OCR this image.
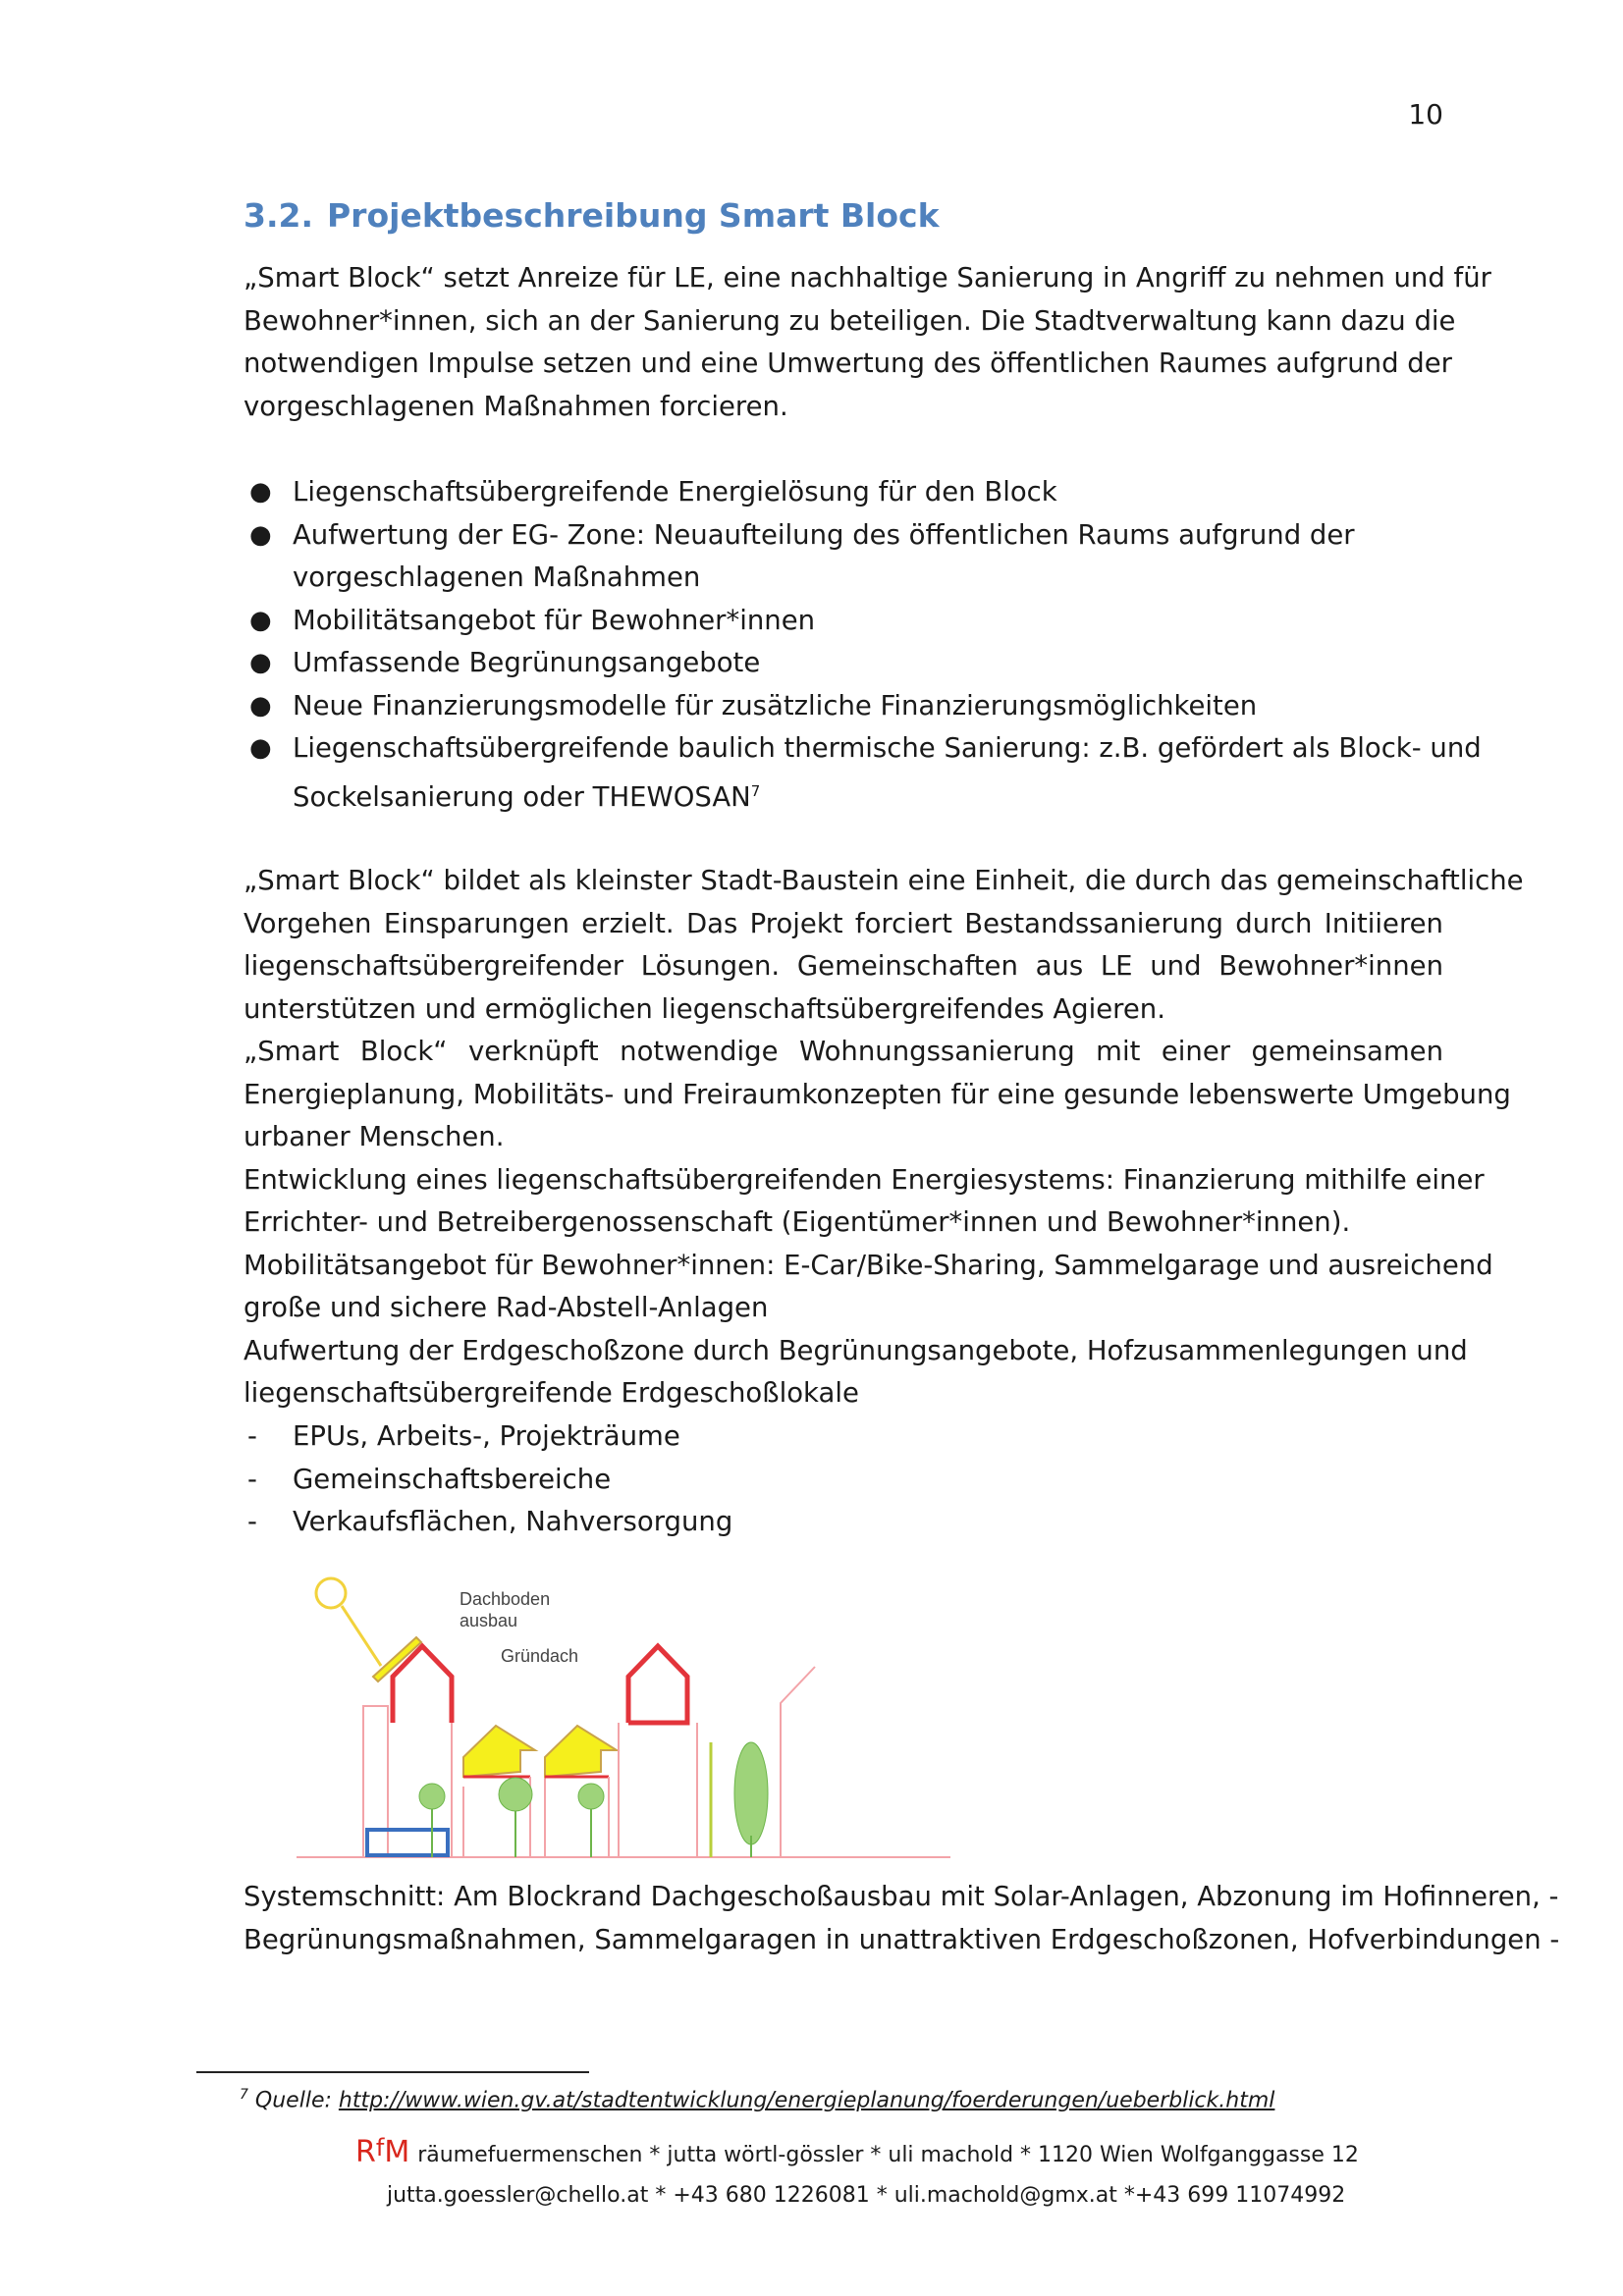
10
3.2. Projektbeschreibung Smart Block
„Smart Block“ setzt Anreize für LE, eine nachhaltige Sanierung in Angriff zu nehmen und für
Bewohner*innen, sich an der Sanierung zu beteiligen. Die Stadtverwaltung kann dazu die
notwendigen Impulse setzen und eine Umwertung des öffentlichen Raumes aufgrund der
vorgeschlagenen Maßnahmen forcieren.
● Liegenschaftsübergreifende Energielösung für den Block
● Aufwertung der EG- Zone: Neuaufteilung des öffentlichen Raums aufgrund der
vorgeschlagenen Maßnahmen
● Mobilitätsangebot für Bewohner*innen
● Umfassende Begrünungsangebote
● Neue Finanzierungsmodelle für zusätzliche Finanzierungsmöglichkeiten
● Liegenschaftsübergreifende baulich thermische Sanierung: z.B. gefördert als Block- und
Sockelsanierung oder THEWOSAN$^7$
„Smart Block“ bildet als kleinster Stadt-Baustein eine Einheit, die durch das gemeinschaftliche
Vorgehen Einsparungen erzielt. Das Projekt forciert Bestandssanierung durch Initiieren
liegenschaftsübergreifender Lösungen. Gemeinschaften aus LE und Bewohner*innen
unterstützen und ermöglichen liegenschaftsübergreifendes Agieren.
„Smart Block“ verknüpft notwendige Wohnungssanierung mit einer gemeinsamen
Energieplanung, Mobilitäts- und Freiraumkonzepten für eine gesunde lebenswerte Umgebung
urbaner Menschen.
Entwicklung eines liegenschaftsübergreifenden Energiesystems: Finanzierung mithilfe einer
Errichter- und Betreibergenossenschaft (Eigentümer*innen und Bewohner*innen).
Mobilitätsangebot für Bewohner*innen: E-Car/Bike-Sharing, Sammelgarage und ausreichend
große und sichere Rad-Abstell-Anlagen
Aufwertung der Erdgeschoßzone durch Begrünungsangebote, Hofzusammenlegungen und
liegenschaftsübergreifende Erdgeschoßlokale
- EPUs, Arbeits-, Projekträume
- Gemeinschaftsbereiche
- Verkaufsflächen, Nahversorgung
Dachboden
ausbau
Gründach
Systemschnitt: Am Blockrand Dachgeschoßausbau mit Solar-Anlagen, Abzonung im Hofinneren, -
Begrünungsmaßnahmen, Sammelgaragen in unattraktiven Erdgeschoßzonen, Hofverbindungen -
$^7$ Quelle: http://www.wien.gv.at/stadtentwicklung/energieplanung/foerderungen/ueberblick.html
$R^fM$ räumefuermenschen * jutta wörtl-gössler * uli machold * 1120 Wien Wolfganggasse 12
jutta.goessler@chello.at * +43 680 1226081 * uli.machold@gmx.at *+43 699 11074992
